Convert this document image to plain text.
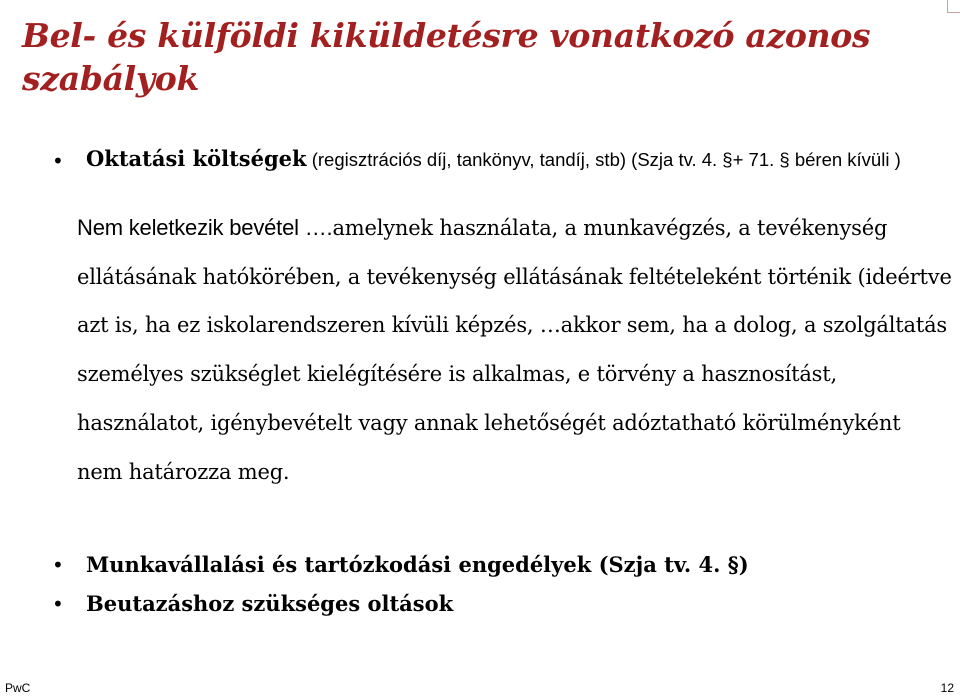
Bel- és külföldi kiküldetésre vonatkozó azonos szabályok
• Oktatási költségek (regisztrációs díj, tankönyv, tandíj, stb) (Szja tv. 4. §+ 71. § béren kívüli )

Nem keletkezik bevétel ….amelynek használata, a munkavégzés, a tevékenység ellátásának hatókörében, a tevékenység ellátásának feltételeként történik (ideértve azt is, ha ez iskolarendszeren kívüli képzés, …akkor sem, ha a dolog, a szolgáltatás személyes szükséglet kielégítésére is alkalmas, e törvény a hasznosítást, használatot, igénybevételt vagy annak lehetőségét adóztatható körülményként nem határozza meg.

• Munkavállalási és tartózkodási engedélyek (Szja tv. 4. §)
• Beutazáshoz szükséges oltások
PwC	12
